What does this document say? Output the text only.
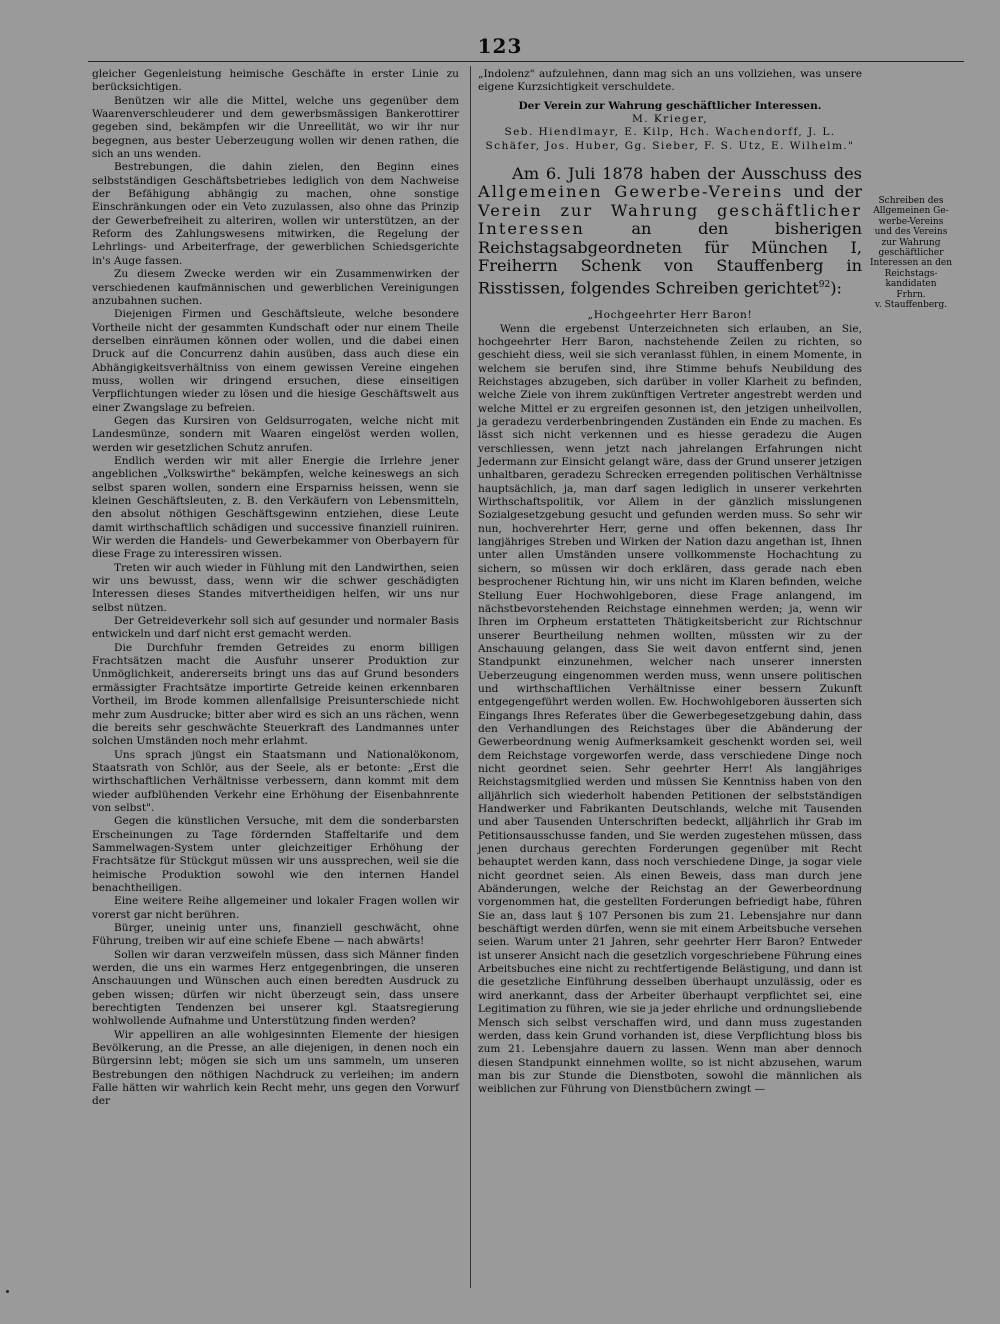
123

gleicher Gegenleistung heimische Geschäfte in erster Linie zu berücksichtigen.

Benützen wir alle die Mittel, welche uns gegenüber dem Waarenverschleuderer und dem gewerbsmässigen Bankerottirer gegeben sind, bekämpfen wir die Unreellität, wo wir ihr nur begegnen, aus bester Ueberzeugung wollen wir denen rathen, die sich an uns wenden.

Bestrebungen, die dahin zielen, den Beginn eines selbstständigen Geschäftsbetriebes lediglich von dem Nachweise der Befähigung abhängig zu machen, ohne sonstige Einschränkungen oder ein Veto zuzulassen, also ohne das Prinzip der Gewerbefreiheit zu alteriren, wollen wir unterstützen, an der Reform des Zahlungswesens mitwirken, die Regelung der Lehrlings- und Arbeiterfrage, der gewerblichen Schiedsgerichte in's Auge fassen.

Zu diesem Zwecke werden wir ein Zusammenwirken der verschiedenen kaufmännischen und gewerblichen Vereinigungen anzubahnen suchen.

Diejenigen Firmen und Geschäftsleute, welche besondere Vortheile nicht der gesammten Kundschaft oder nur einem Theile derselben einräumen können oder wollen, und die dabei einen Druck auf die Concurrenz dahin ausüben, dass auch diese ein Abhängigkeitsverhältniss von einem gewissen Vereine eingehen muss, wollen wir dringend ersuchen, diese einseitigen Verpflichtungen wieder zu lösen und die hiesige Geschäftswelt aus einer Zwangslage zu befreien.

Gegen das Kursiren von Geldsurrogaten, welche nicht mit Landesmünze, sondern mit Waaren eingelöst werden wollen, werden wir gesetzlichen Schutz anrufen.

Endlich werden wir mit aller Energie die Irrlehre jener angeblichen „Volkswirthe" bekämpfen, welche keineswegs an sich selbst sparen wollen, sondern eine Ersparniss heissen, wenn sie kleinen Geschäftsleuten, z. B. den Verkäufern von Lebensmitteln, den absolut nöthigen Geschäftsgewinn entziehen, diese Leute damit wirthschaftlich schädigen und successive finanziell ruiniren. Wir werden die Handels- und Gewerbekammer von Oberbayern für diese Frage zu interessiren wissen.

Treten wir auch wieder in Fühlung mit den Landwirthen, seien wir uns bewusst, dass, wenn wir die schwer geschädigten Interessen dieses Standes mitvertheidigen helfen, wir uns nur selbst nützen.

Der Getreideverkehr soll sich auf gesunder und normaler Basis entwickeln und darf nicht erst gemacht werden.

Die Durchfuhr fremden Getreides zu enorm billigen Frachtsätzen macht die Ausfuhr unserer Produktion zur Unmöglichkeit, andererseits bringt uns das auf Grund besonders ermässigter Frachtsätze importirte Getreide keinen erkennbaren Vortheil, im Brode kommen allenfallsige Preisunterschiede nicht mehr zum Ausdrucke; bitter aber wird es sich an uns rächen, wenn die bereits sehr geschwächte Steuerkraft des Landmannes unter solchen Umständen noch mehr erlahmt.

Uns sprach jüngst ein Staatsmann und Nationalökonom, Staatsrath von Schlör, aus der Seele, als er betonte: „Erst die wirthschaftlichen Verhältnisse verbessern, dann kommt mit dem wieder aufblühenden Verkehr eine Erhöhung der Eisenbahnrente von selbst".

Gegen die künstlichen Versuche, mit dem die sonderbarsten Erscheinungen zu Tage fördernden Staffeltarife und dem Sammelwagen-System unter gleichzeitiger Erhöhung der Frachtsätze für Stückgut müssen wir uns aussprechen, weil sie die heimische Produktion sowohl wie den internen Handel benachtheiligen.

Eine weitere Reihe allgemeiner und lokaler Fragen wollen wir vorerst gar nicht berühren.

Bürger, uneinig unter uns, finanziell geschwächt, ohne Führung, treiben wir auf eine schiefe Ebene — nach abwärts!

Sollen wir daran verzweifeln müssen, dass sich Männer finden werden, die uns ein warmes Herz entgegenbringen, die unseren Anschauungen und Wünschen auch einen beredten Ausdruck zu geben wissen; dürfen wir nicht überzeugt sein, dass unsere berechtigten Tendenzen bei unserer kgl. Staatsregierung wohlwollende Aufnahme und Unterstützung finden werden?

Wir appelliren an alle wohlgesinnten Elemente der hiesigen Bevölkerung, an die Presse, an alle diejenigen, in denen noch ein Bürgersinn lebt; mögen sie sich um uns sammeln, um unseren Bestrebungen den nöthigen Nachdruck zu verleihen; im andern Falle hätten wir wahrlich kein Recht mehr, uns gegen den Vorwurf der

„Indolenz" aufzulehnen, dann mag sich an uns vollziehen, was unsere eigene Kurzsichtigkeit verschuldete.

Der Verein zur Wahrung geschäftlicher Interessen.

M. Krieger,

Seb. Hiendlmayr, E. Kilp, Hch. Wachendorff, J. L. Schäfer, Jos. Huber, Gg. Sieber, F. S. Utz, E. Wilhelm."

Am 6. Juli 1878 haben der Ausschuss des Allgemeinen Gewerbe-Vereins und der Verein zur Wahrung geschäftlicher Interessen	an den bisherigen Reichstagsabgeordneten für München I, Freiherrn Schenk von Stauffenberg in Risstissen, folgendes Schreiben gerichtet$^{92}$):

„Hochgeehrter Herr Baron!

Wenn die ergebenst Unterzeichneten sich erlauben, an Sie, hochgeehrter Herr Baron, nachstehende Zeilen zu richten, so geschieht diess, weil sie sich veranlasst fühlen, in einem Momente, in welchem sie berufen sind, ihre Stimme behufs Neubildung des Reichstages abzugeben, sich darüber in voller Klarheit zu befinden, welche Ziele von ihrem zukünftigen Vertreter angestrebt werden und welche Mittel er zu ergreifen gesonnen ist, den jetzigen unheilvollen, ja geradezu verderbenbringenden Zuständen ein Ende zu machen. Es lässt sich nicht verkennen und es hiesse geradezu die Augen verschliessen, wenn jetzt nach jahrelangen Erfahrungen nicht Jedermann zur Einsicht gelangt wäre, dass der Grund unserer jetzigen unhaltbaren, geradezu Schrecken erregenden politischen Verhältnisse hauptsächlich, ja, man darf sagen lediglich in unserer verkehrten Wirthschaftspolitik, vor Allem in der gänzlich misslungenen Sozialgesetzgebung gesucht und gefunden werden muss. So sehr wir nun, hochverehrter Herr, gerne und offen bekennen, dass Ihr langjähriges Streben und Wirken der Nation dazu angethan ist, Ihnen unter allen Umständen unsere vollkommenste Hochachtung zu sichern, so müssen wir doch erklären, dass gerade nach eben besprochener Richtung hin, wir uns nicht im Klaren befinden, welche Stellung Euer Hochwohlgeboren, diese Frage anlangend, im nächstbevorstehenden Reichstage einnehmen werden; ja, wenn wir Ihren im Orpheum erstatteten Thätigkeitsbericht zur Richtschnur unserer Beurtheilung nehmen wollten, müssten wir zu der Anschauung gelangen, dass Sie weit davon entfernt sind, jenen Standpunkt einzunehmen, welcher nach unserer innersten Ueberzeugung eingenommen werden muss, wenn unsere politischen und wirthschaftlichen Verhältnisse einer bessern Zukunft entgegengeführt werden wollen. Ew. Hochwohlgeboren äusserten sich Eingangs Ihres Referates über die Gewerbegesetzgebung dahin, dass den Verhandlungen des Reichstages über die Abänderung der Gewerbeordnung wenig Aufmerksamkeit geschenkt worden sei, weil dem Reichstage vorgeworfen werde, dass verschiedene Dinge noch nicht geordnet seien. Sehr geehrter Herr! Als langjähriges Reichstagsmitglied werden und müssen Sie Kenntniss haben von den alljährlich sich wiederholt habenden Petitionen der selbstständigen Handwerker und Fabrikanten Deutschlands, welche mit Tausenden und aber Tausenden Unterschriften bedeckt, alljährlich ihr Grab im Petitionsausschusse fanden, und Sie werden zugestehen müssen, dass jenen durchaus gerechten Forderungen gegenüber mit Recht behauptet werden kann, dass noch verschiedene Dinge, ja sogar viele nicht geordnet seien. Als einen Beweis, dass man durch jene Abänderungen, welche der Reichstag an der Gewerbeordnung vorgenommen hat, die gestellten Forderungen befriedigt habe, führen Sie an, dass laut § 107 Personen bis zum 21. Lebensjahre nur dann beschäftigt werden dürfen, wenn sie mit einem Arbeitsbuche versehen seien. Warum unter 21 Jahren, sehr geehrter Herr Baron? Entweder ist unserer Ansicht nach die gesetzlich vorgeschriebene Führung eines Arbeitsbuches eine nicht zu rechtfertigende Belästigung, und dann ist die gesetzliche Einführung desselben überhaupt unzulässig, oder es wird anerkannt, dass der Arbeiter überhaupt verpflichtet sei, eine Legitimation zu führen, wie sie ja jeder ehrliche und ordnungsliebende Mensch sich selbst verschaffen wird, und dann muss zugestanden werden, dass kein Grund vorhanden ist, diese Verpflichtung bloss bis zum 21. Lebensjahre dauern zu lassen. Wenn man aber dennoch diesen Standpunkt einnehmen wollte, so ist nicht abzusehen, warum man bis zur Stunde die Dienstboten, sowohl die männlichen als weiblichen zur Führung von Dienstbüchern zwingt —

Schreiben des
Allgemeinen Ge-
werbe-Vereins
und des Vereins
zur Wahrung
geschäftlicher
Interessen an den
Reichstags-
kandidaten
Frhrn.
v. Stauffenberg.
